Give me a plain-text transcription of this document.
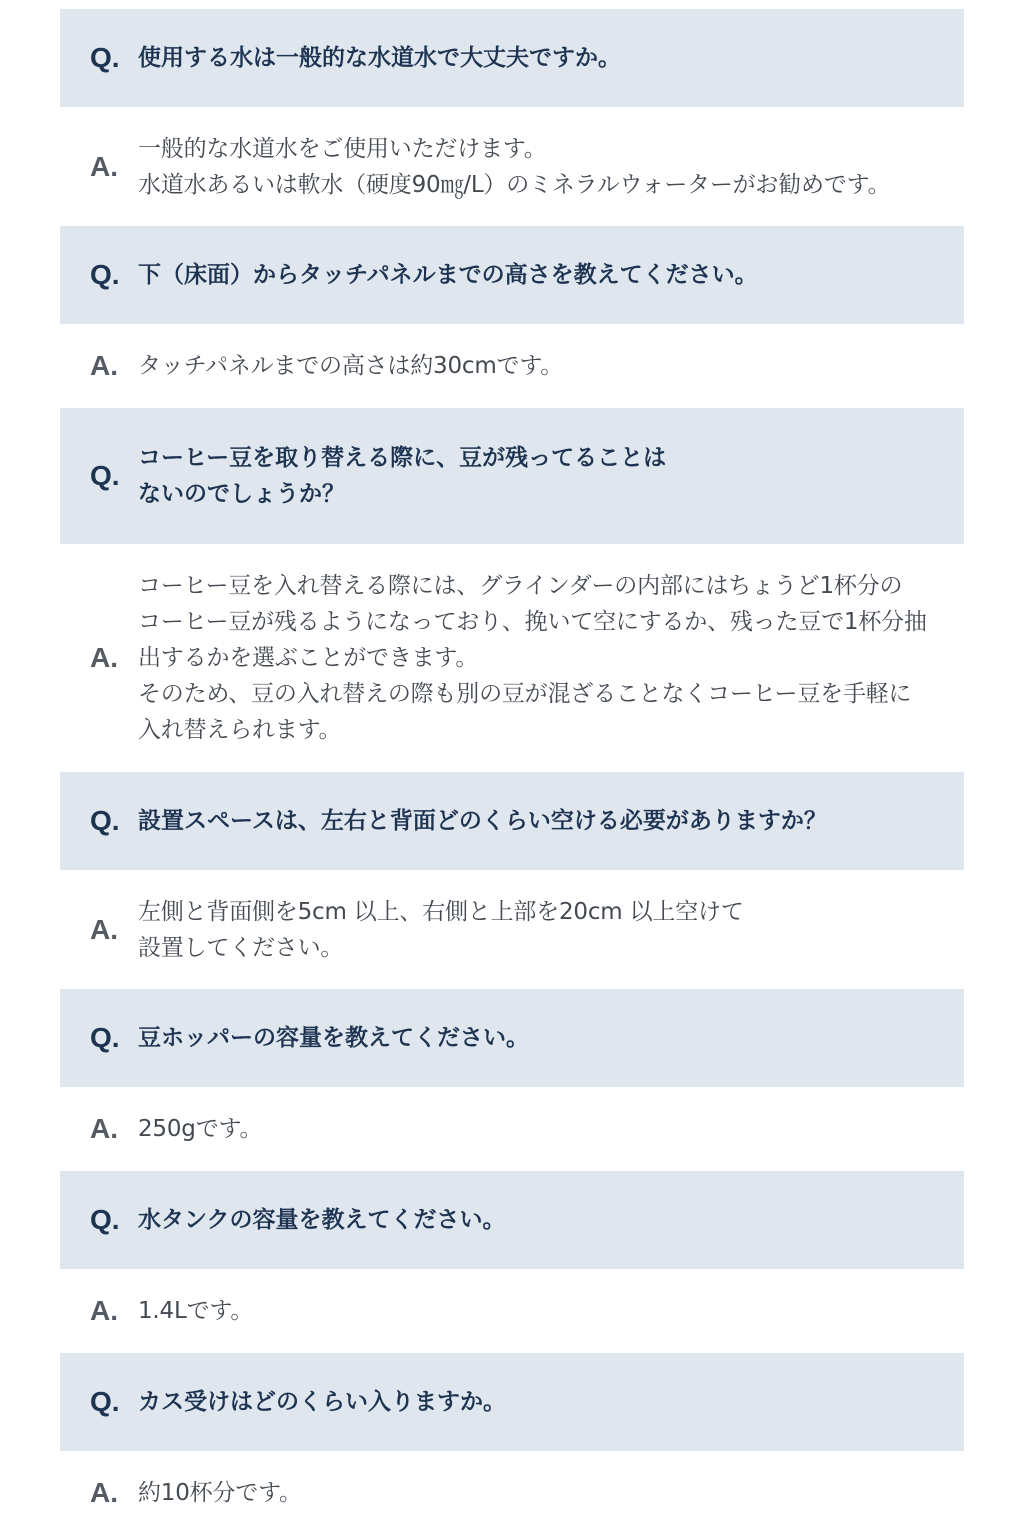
Q. 使用する水は一般的な水道水で大丈夫ですか。
A.
一般的な水道水をご使用いただけます。
水道水あるいは軟水（硬度90㎎/L）のミネラルウォーターがお勧めです。
Q. 下（床面）からタッチパネルまでの高さを教えてください。
A. タッチパネルまでの高さは約30cmです。
Q.
コーヒー豆を取り替える際に、豆が残ってることは
ないのでしょうか？
A.
コーヒー豆を入れ替える際には、グラインダーの内部にはちょうど1杯分の
コーヒー豆が残るようになっており、挽いて空にするか、残った豆で1杯分抽
出するかを選ぶことができます。
そのため、豆の入れ替えの際も別の豆が混ざることなくコーヒー豆を手軽に
入れ替えられます。
Q. 設置スペースは、左右と背面どのくらい空ける必要がありますか？
A.
左側と背面側を5cm 以上、右側と上部を20cm 以上空けて
設置してください。
Q. 豆ホッパーの容量を教えてください。
A. 250gです。
Q. 水タンクの容量を教えてください。
A. 1.4Lです。
Q. カス受けはどのくらい入りますか。
A. 約10杯分です。
